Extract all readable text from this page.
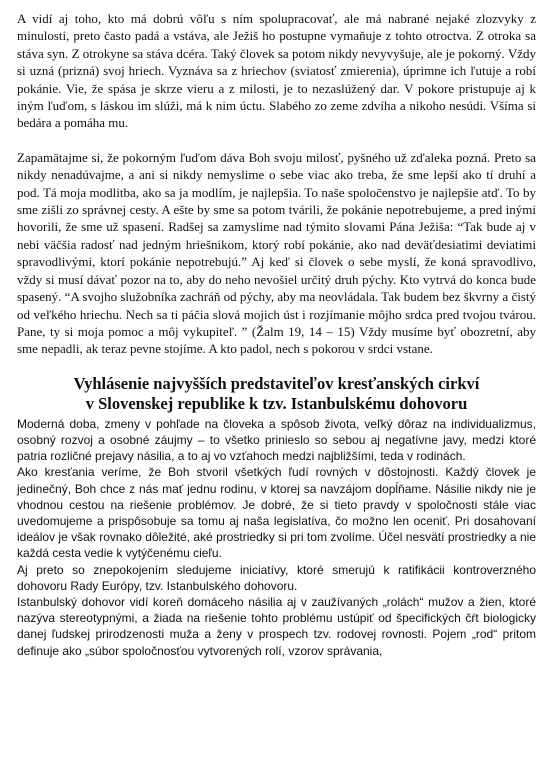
A vidí aj toho, kto má dobrú vôľu s ním spolupracovať, ale má nabrané nejaké zlozvyky z minulosti, preto často padá a vstáva, ale Ježiš ho postupne vymaňuje z tohto otroctva. Z otroka sa stáva syn. Z otrokyne sa stáva dcéra. Taký človek sa potom nikdy nevyvyšuje, ale je pokorný. Vždy si uzná (prizná) svoj hriech. Vyznáva sa z hriechov (sviatosť zmierenia), úprimne ich ľutuje a robí pokánie. Vie, že spása je skrze vieru a z milosti, je to nezaslúžený dar. V pokore pristupuje aj k iným ľuďom, s láskou im slúži, má k nim úctu. Slabého zo zeme zdvíha a nikoho nesúdi. Všíma si bedára a pomáha mu.

Zapamätajme si, že pokorným ľuďom dáva Boh svoju milosť, pyšného už zďaleka pozná. Preto sa nikdy nenadúvajme, a ani si nikdy nemyslime o sebe viac ako treba, že sme lepší ako tí druhí a pod. Tá moja modlitba, ako sa ja modlím, je najlepšia. To naše spoločenstvo je najlepšie atď. To by sme zišli zo správnej cesty. A ešte by sme sa potom tvárili, že pokánie nepotrebujeme, a pred inými hovorili, že sme už spasení. Radšej sa zamyslime nad týmito slovami Pána Ježiša: “Tak bude aj v nebi väčšia radosť nad jedným hriešnikom, ktorý robí pokánie, ako nad deväťdesiatimi deviatimi spravodlivými, ktorí pokánie nepotrebujú.” Aj keď si človek o sebe myslí, že koná spravodlivo, vždy si musí dávať pozor na to, aby do neho nevošiel určitý druh pýchy. Kto vytrvá do konca bude spasený. “A svojho služobníka zachráň od pýchy, aby ma neovládala. Tak budem bez škvrny a čistý od veľkého hriechu. Nech sa ti páčia slová mojich úst i rozjímanie môjho srdca pred tvojou tvárou. Pane, ty si moja pomoc a môj vykupiteľ. ” (Žalm 19, 14 – 15) Vždy musíme byť obozretní, aby sme nepadli, ak teraz pevne stojíme. A kto padol, nech s pokorou v srdci vstane.

Vyhlásenie najvyšších predstaviteľov kresťanských cirkví
v Slovenskej republike k tzv. Istanbulskému dohovoru

Moderná doba, zmeny v pohľade na človeka a spôsob života, veľký dôraz na individualizmus, osobný rozvoj a osobné záujmy – to všetko prinieslo so sebou aj negatívne javy, medzi ktoré patria rozličné prejavy násilia, a to aj vo vzťahoch medzi najbližšími, teda v rodinách.

Ako kresťania veríme, že Boh stvoril všetkých ľudí rovných v dôstojnosti. Každý človek je jedinečný, Boh chce z nás mať jednu rodinu, v ktorej sa navzájom dopĺňame. Násilie nikdy nie je vhodnou cestou na riešenie problémov. Je dobré, že si tieto pravdy v spoločnosti stále viac uvedomujeme a prispôsobuje sa tomu aj naša legislatíva, čo možno len oceniť. Pri dosahovaní ideálov je však rovnako dôležité, aké prostriedky si pri tom zvolíme. Účel nesvätí prostriedky a nie každá cesta vedie k vytýčenému cieľu.

Aj preto so znepokojením sledujeme iniciatívy, ktoré smerujú k ratifikácii kontroverzného dohovoru Rady Európy, tzv. Istanbulského dohovoru.

Istanbulský dohovor vidí koreň domáceho násilia aj v zaužívaných „rolách“ mužov a žien, ktoré nazýva stereotypnými, a žiada na riešenie tohto problému ustúpiť od špecifických čŕt biologicky danej ľudskej prirodzenosti muža a ženy v prospech tzv. rodovej rovnosti. Pojem „rod“ pritom definuje ako „súbor spoločnosťou vytvorených rolí, vzorov správania,
